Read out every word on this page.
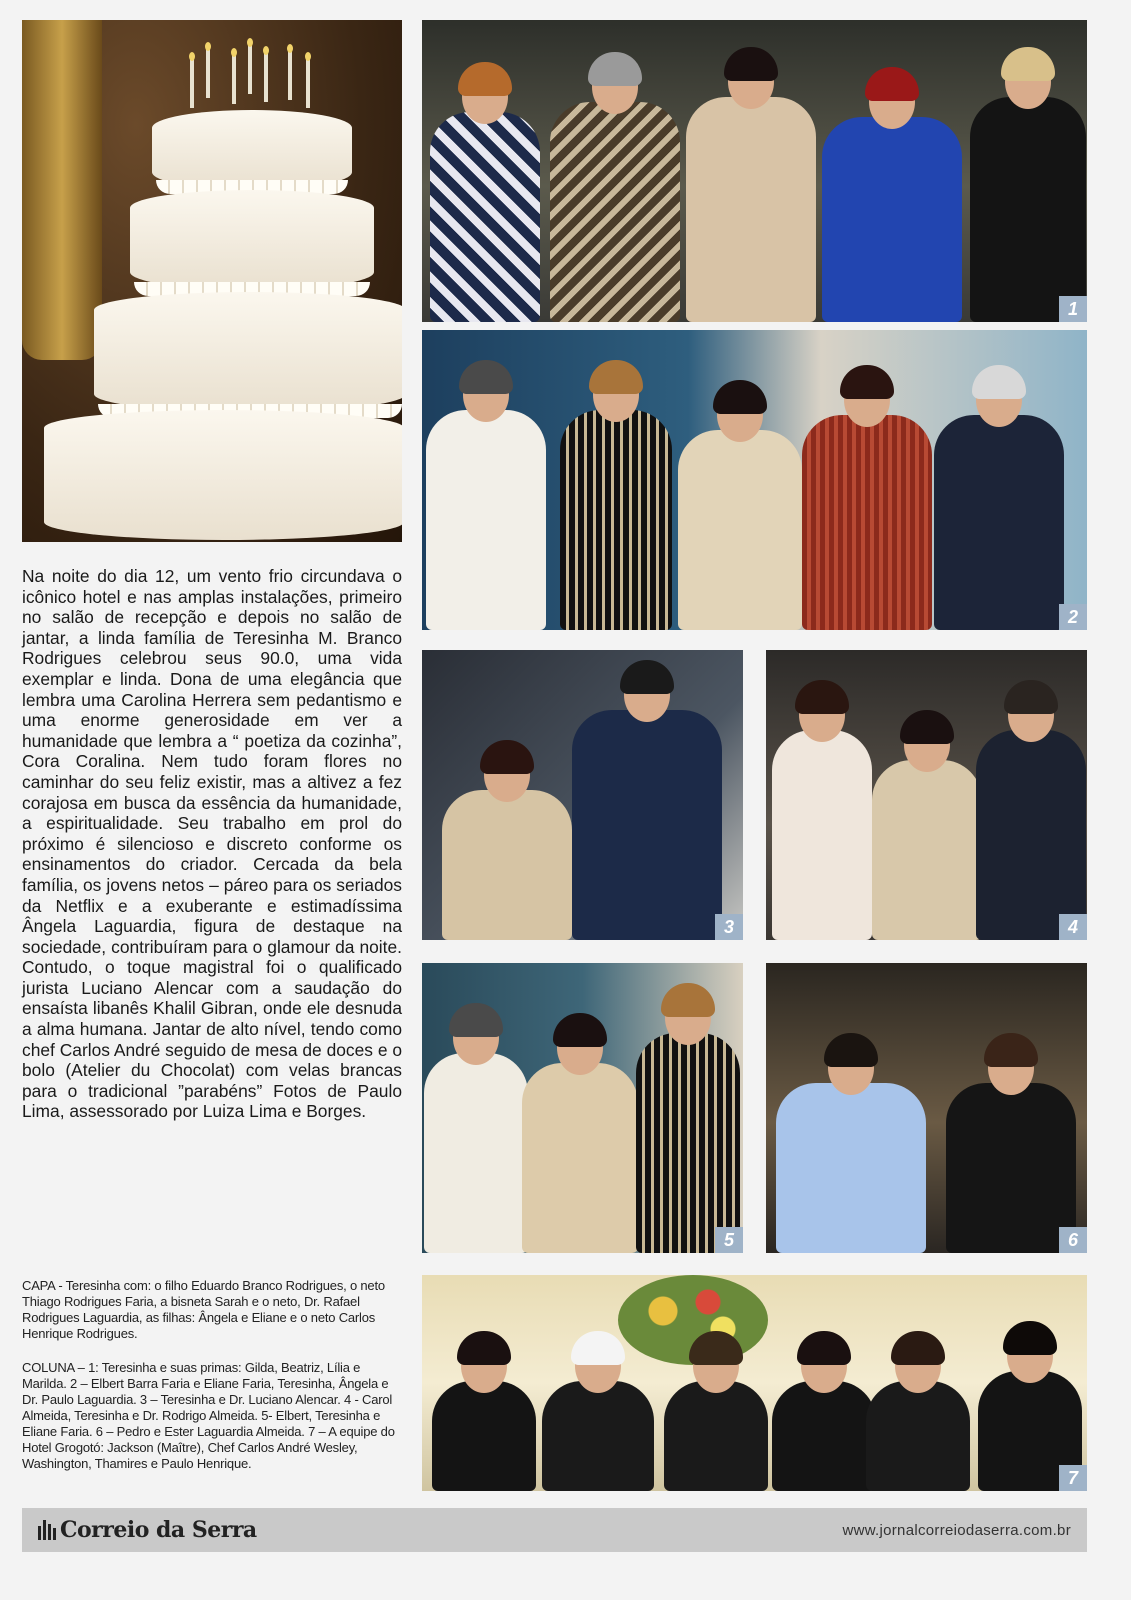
1
2
3	4
5	6
7

Na noite do dia 12, um vento frio circundava o icônico hotel e nas amplas instalações, primeiro no salão de recepção e depois no salão de jantar, a linda família de Teresinha M. Branco Rodrigues celebrou seus 90.0, uma vida exemplar e linda. Dona de uma elegância que lembra uma Carolina Herrera sem pedantismo e uma enorme generosidade em ver a humanidade que lembra a “ poetiza da cozinha”, Cora Coralina. Nem tudo foram flores no caminhar do seu feliz existir, mas a altivez a fez corajosa em busca da essência da humanidade, a espiritualidade. Seu trabalho em prol do próximo é silencioso e discreto conforme os ensinamentos do criador. Cercada da bela família, os jovens netos – páreo para os seriados da Netflix e a exuberante e estimadíssima Ângela Laguardia, figura de destaque na sociedade, contribuíram para o glamour da noite. Contudo, o toque magistral foi o qualificado jurista Luciano Alencar com a saudação do ensaísta libanês Khalil Gibran, onde ele desnuda a alma humana. Jantar de alto nível, tendo como chef Carlos André seguido de mesa de doces e o bolo (Atelier du Chocolat) com velas brancas para o tradicional ”parabéns” Fotos de Paulo Lima, assessorado por Luiza Lima e Borges.

CAPA - Teresinha com: o filho Eduardo Branco Rodrigues, o neto Thiago Rodrigues Faria, a bisneta Sarah e o neto, Dr. Rafael Rodrigues Laguardia, as filhas: Ângela e Eliane e o neto Carlos Henrique Rodrigues.

COLUNA – 1: Teresinha e suas primas: Gilda, Beatriz, Lília e Marilda. 2 – Elbert Barra Faria e Eliane Faria, Teresinha, Ângela e Dr. Paulo Laguardia. 3 – Teresinha e Dr. Luciano Alencar. 4 - Carol Almeida, Teresinha e Dr. Rodrigo Almeida. 5- Elbert, Teresinha e Eliane Faria. 6 – Pedro e Ester Laguardia Almeida. 7 – A equipe do Hotel Grogotó: Jackson (Maître), Chef Carlos André Wesley, Washington, Thamires e Paulo Henrique.

Correio da Serra	www.jornalcorreiodaserra.com.br
